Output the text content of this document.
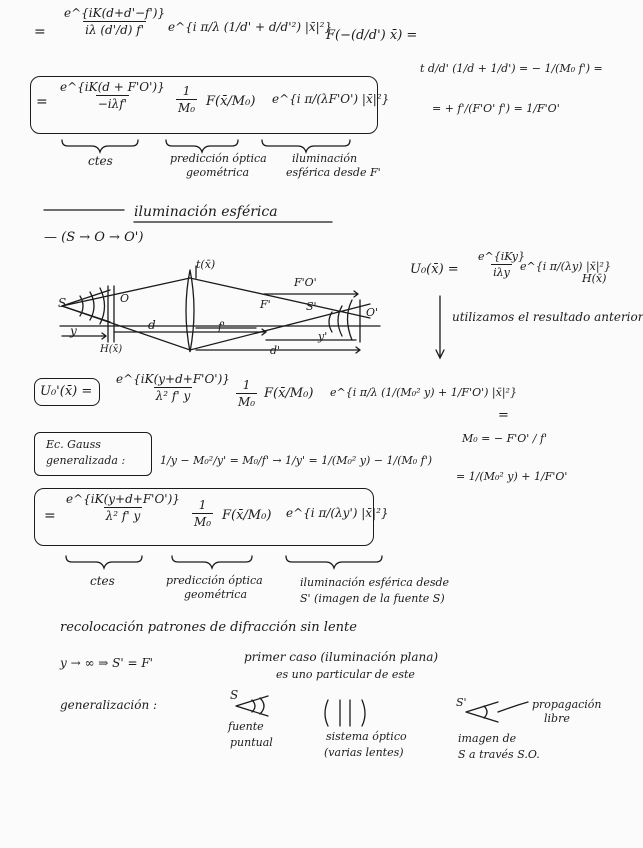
= $\frac{e\^{}\{iK(d+d'-f')\}}{i\lambda (d'/d) f'}$ e^{i π/λ (1/d' + d/d'²) |x̄|²}
F(−(d/d') x̄) =
t d/d' (1/d + 1/d') = − 1/(M₀ f') =
= + f'/(F'O' f') = 1/F'O'
=
e^{iK(d + F'O')}
−iλf'	$\frac{1}{\text{M₀}}$ F(x̄/M₀) e^{i π/(λF'O') |x̄|²}
ctes	predicción óptica
geométrica
iluminación
esférica desde F'
iluminación esférica
— (S → O → O')
t(x̄)
S	O
O'
F'	S'
d
d'
f'
y	y'
H(x̄)
F'O'
U₀(x̄) =
e^{iKy}
iλy e^{i π/(λy) |x̄|²}
H(x̄)
utilizamos el resultado anterior
U₀'(x̄) = $\frac{e\^{}\{iK(y+d+F'O')\}}{\text{λ² f' y}} \frac{1}{\text{M₀}}$ F(x̄/M₀) e^{i π/λ (1/(M₀² y) + 1/F'O') |x̄|²}
=
Ec. Gauss
generalizada :	1/y − M₀²/y' = M₀/f' → 1/y' = 1/(M₀² y) − 1/(M₀ f')
M₀ = − F'O' / f'
= 1/(M₀² y) + 1/F'O'
= $\frac{e\^{}\{iK(y+d+F'O')\}}{\text{λ² f' y}} \frac{1}{\text{M₀}}$ F(x̄/M₀) e^{i π/(λy') |x̄|²}
ctes	predicción óptica
geométrica
iluminación esférica desde
S' (imagen de la fuente S)
recolocación patrones de difracción sin lente
y → ∞ ⇒ S' = F'	primer caso (iluminación plana)
es uno particular de este
generalización :
S
fuente
puntual	sistema óptico
(varias lentes)
S'
imagen de
S a través S.O.
propagación
libre
